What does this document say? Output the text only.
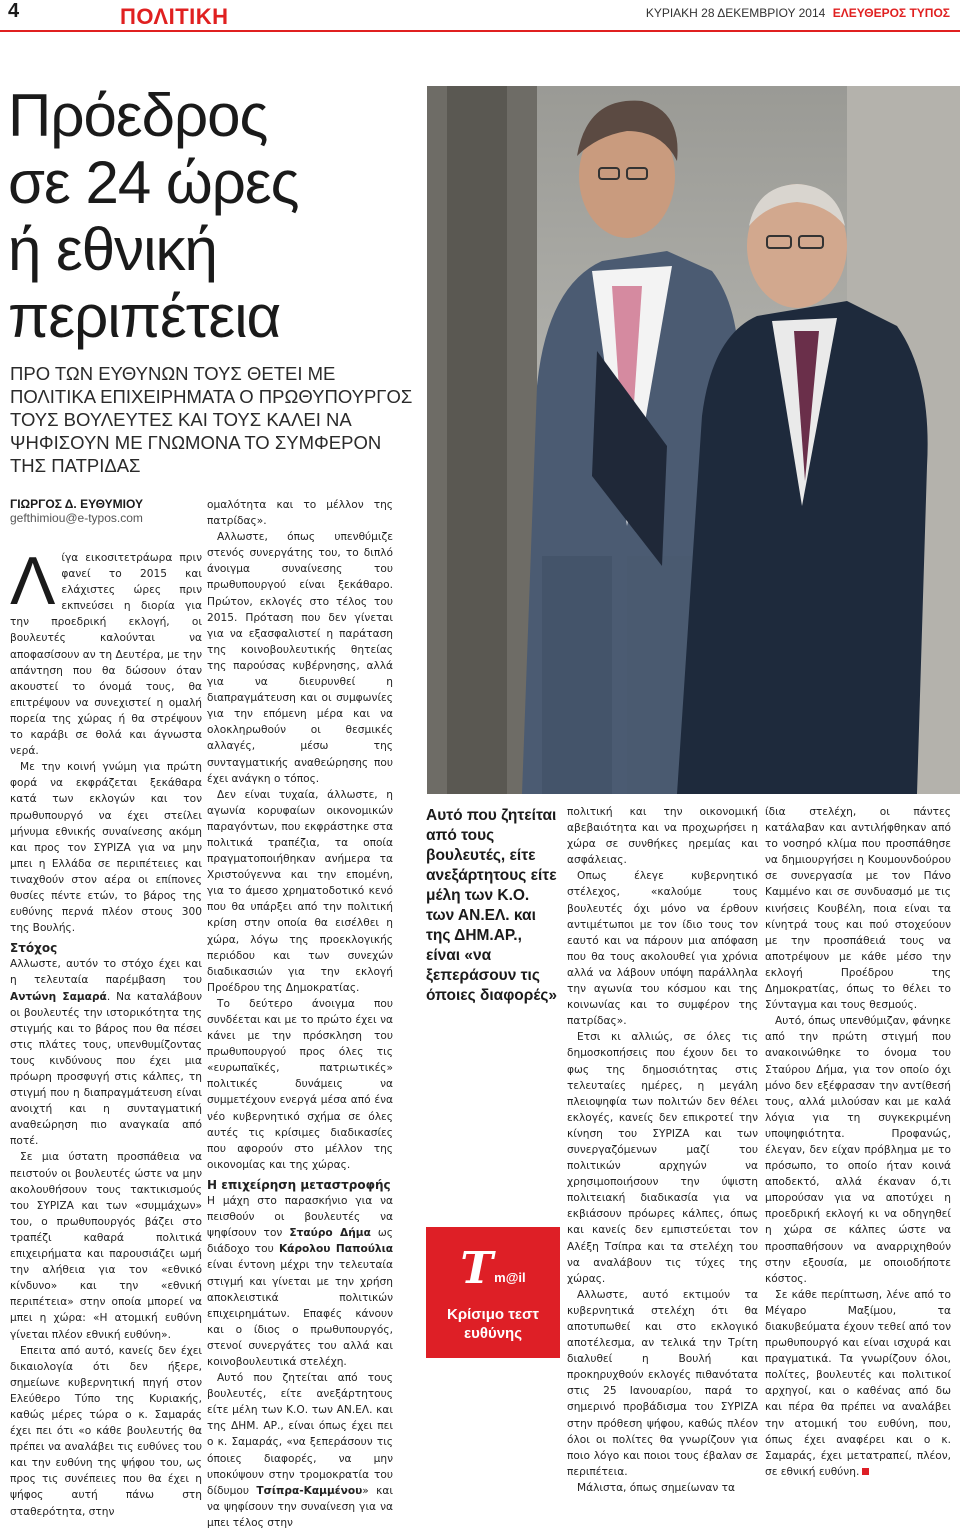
4	ΠΟΛΙΤΙΚΗ	ΚΥΡΙΑΚΗ 28 ΔΕΚΕΜΒΡΙΟΥ 2014 ΕΛΕΥΘΕΡΟΣ ΤΥΠΟΣ
Πρόεδρος
σε 24 ώρες
ή εθνική
περιπέτεια
ΠΡΟ ΤΩΝ ΕΥΘΥΝΩΝ ΤΟΥΣ ΘΕΤΕΙ ΜΕ ΠΟΛΙΤΙΚΑ ΕΠΙΧΕΙΡΗΜΑΤΑ Ο ΠΡΩΘΥΠΟΥΡΓΟΣ ΤΟΥΣ ΒΟΥΛΕΥΤΕΣ ΚΑΙ ΤΟΥΣ ΚΑΛΕΙ ΝΑ ΨΗΦΙΣΟΥΝ ΜΕ ΓΝΩΜΟΝΑ ΤΟ ΣΥΜΦΕΡΟΝ ΤΗΣ ΠΑΤΡΙΔΑΣ
ΓΙΩΡΓΟΣ Δ. ΕΥΘΥΜΙΟΥ
gefthimiou@e-typos.com

Λίγα εικοσιτετράωρα πριν φανεί το 2015 και ελάχιστες ώρες πριν εκπνεύσει η διορία για την προεδρική εκλογή, οι βουλευτές καλούνται να αποφασίσουν αν τη Δευτέρα, με την απάντηση που θα δώσουν όταν ακουστεί το όνομά τους, θα επιτρέψουν να συνεχιστεί η ομαλή πορεία της χώρας ή θα στρέψουν το καράβι σε θολά και άγνωστα νερά.

Με την κοινή γνώμη για πρώτη φορά να εκφράζεται ξεκάθαρα κατά των εκλογών και τον πρωθυπουργό να έχει στείλει μήνυμα εθνικής συναίνεσης ακόμη και προς τον ΣΥΡΙΖΑ για να μην μπει η Ελλάδα σε περιπέτειες και τιναχθούν στον αέρα οι επίπονες θυσίες πέντε ετών, το βάρος της ευθύνης περνά πλέον στους 300 της Βουλής.

Στόχος

Αλλωστε, αυτόν το στόχο έχει και η τελευταία παρέμβαση του Αντώνη Σαμαρά. Να καταλάβουν οι βουλευτές την ιστορικότητα της στιγμής και το βάρος που θα πέσει στις πλάτες τους, υπενθυμίζοντας τους κινδύνους που έχει μια πρόωρη προσφυγή στις κάλπες, τη στιγμή που η διαπραγμάτευση είναι ανοιχτή και η συνταγματική αναθεώρηση πιο αναγκαία από ποτέ.

Σε μια ύστατη προσπάθεια να πειστούν οι βουλευτές ώστε να μην ακολουθήσουν τους τακτικισμούς του ΣΥΡΙΖΑ και των «συμμάχων» του, ο πρωθυπουργός βάζει στο τραπέζι καθαρά πολιτικά επιχειρήματα και παρουσιάζει ωμή την αλήθεια για τον «εθνικό κίνδυνο» και την «εθνική περιπέτεια» στην οποία μπορεί να μπει η χώρα: «Η ατομική ευθύνη γίνεται πλέον εθνική ευθύνη».

Επειτα από αυτό, κανείς δεν έχει δικαιολογία ότι δεν ήξερε, σημείωνε κυβερνητική πηγή στον Ελεύθερο Τύπο της Κυριακής, καθώς μέρες τώρα ο κ. Σαμαράς έχει πει ότι «ο κάθε βουλευτής θα πρέπει να αναλάβει τις ευθύνες του και την ευθύνη της ψήφου του, ως προς τις συνέπειες που θα έχει η ψήφος αυτή πάνω στη σταθερότητα, στην

ομαλότητα και το μέλλον της πατρίδας».

Αλλωστε, όπως υπενθύμιζε στενός συνεργάτης του, το διπλό άνοιγμα συναίνεσης του πρωθυπουργού είναι ξεκάθαρο. Πρώτον, εκλογές στο τέλος του 2015. Πρόταση που δεν γίνεται για να εξασφαλιστεί η παράταση της κοινοβουλευτικής θητείας της παρούσας κυβέρνησης, αλλά για να διευρυνθεί η διαπραγμάτευση και οι συμφωνίες για την επόμενη μέρα και να ολοκληρωθούν οι θεσμικές αλλαγές, μέσω της συνταγματικής αναθεώρησης που έχει ανάγκη ο τόπος.

Δεν είναι τυχαία, άλλωστε, η αγωνία κορυφαίων οικονομικών παραγόντων, που εκφράστηκε στα πολιτικά τραπέζια, τα οποία πραγματοποιήθηκαν ανήμερα τα Χριστούγεννα και την επομένη, για το άμεσο χρηματοδοτικό κενό που θα υπάρξει από την πολιτική κρίση στην οποία θα εισέλθει η χώρα, λόγω της προεκλογικής περιόδου και των συνεχών διαδικασιών για την εκλογή Προέδρου της Δημοκρατίας.

Το δεύτερο άνοιγμα που συνδέεται και με το πρώτο έχει να κάνει με την πρόσκληση του πρωθυπουργού προς όλες τις «ευρωπαϊκές, πατριωτικές» πολιτικές δυνάμεις να συμμετέχουν ενεργά μέσα από ένα νέο κυβερνητικό σχήμα σε όλες αυτές τις κρίσιμες διαδικασίες που αφορούν στο μέλλον της οικονομίας και της χώρας.

Η επιχείρηση μεταστροφής

Η μάχη στο παρασκήνιο για να πεισθούν οι βουλευτές να ψηφίσουν τον Σταύρο Δήμα ως διάδοχο του Κάρολου Παπούλια είναι έντονη μέχρι την τελευταία στιγμή και γίνεται με την χρήση αποκλειστικά πολιτικών επιχειρημάτων. Επαφές κάνουν και ο ίδιος ο πρωθυπουργός, στενοί συνεργάτες του αλλά και κοινοβουλευτικά στελέχη.

Αυτό που ζητείται από τους βουλευτές, είτε ανεξάρτητους είτε μέλη των Κ.Ο. των ΑΝ.ΕΛ. και της ΔΗΜ. ΑΡ., είναι όπως έχει πει ο κ. Σαμαράς, «να ξεπεράσουν τις όποιες διαφορές, να μην υποκύψουν στην τρομοκρατία του δίδυμου Τσίπρα-Καμμένου» και να ψηφίσουν την συναίνεση για να μπει τέλος στην

Αυτό που ζητείται από τους βουλευτές, είτε ανεξάρτητους είτε μέλη των Κ.Ο. των ΑΝ.ΕΛ. και της ΔΗΜ.ΑΡ., είναι «να ξεπεράσουν τις όποιες διαφορές»
T m@il
Κρίσιμο τεστ ευθύνης

πολιτική και την οικονομική αβεβαιότητα και να προχωρήσει η χώρα σε συνθήκες ηρεμίας και ασφάλειας.

Οπως έλεγε κυβερνητικό στέλεχος, «καλούμε τους βουλευτές όχι μόνο να έρθουν αντιμέτωποι με τον ίδιο τους τον εαυτό και να πάρουν μια απόφαση που θα τους ακολουθεί για χρόνια αλλά να λάβουν υπόψη παράλληλα την αγωνία του κόσμου και της κοινωνίας και το συμφέρον της πατρίδας».

Ετσι κι αλλιώς, σε όλες τις δημοσκοπήσεις που έχουν δει το φως της δημοσιότητας στις τελευταίες ημέρες, η μεγάλη πλειοψηφία των πολιτών δεν θέλει εκλογές, κανείς δεν επικροτεί την κίνηση του ΣΥΡΙΖΑ και των συνεργαζόμενων μαζί του πολιτικών αρχηγών να χρησιμοποιήσουν την ύψιστη πολιτειακή διαδικασία για να εκβιάσουν πρόωρες κάλπες, όπως και κανείς δεν εμπιστεύεται τον Αλέξη Τσίπρα και τα στελέχη του να αναλάβουν τις τύχες της χώρας.

Αλλωστε, αυτό εκτιμούν τα κυβερνητικά στελέχη ότι θα αποτυπωθεί και στο εκλογικό αποτέλεσμα, αν τελικά την Τρίτη διαλυθεί η Βουλή και προκηρυχθούν εκλογές πιθανότατα στις 25 Ιανουαρίου, παρά το σημερινό προβάδισμα του ΣΥΡΙΖΑ στην πρόθεση ψήφου, καθώς πλέον όλοι οι πολίτες θα γνωρίζουν για ποιο λόγο και ποιοι τους έβαλαν σε περιπέτεια.

Μάλιστα, όπως σημείωναν τα

ίδια στελέχη, οι πάντες κατάλαβαν και αντιλήφθηκαν από το νοσηρό κλίμα που προσπάθησε να δημιουργήσει η Κουμουνδούρου σε συνεργασία με τον Πάνο Καμμένο και σε συνδυασμό με τις κινήσεις Κουβέλη, ποια είναι τα κίνητρά τους και πού στοχεύουν με την προσπάθειά τους να αποτρέψουν με κάθε μέσο την εκλογή Προέδρου της Δημοκρατίας, όπως το θέλει το Σύνταγμα και τους θεσμούς.

Αυτό, όπως υπενθύμιζαν, φάνηκε από την πρώτη στιγμή που ανακοινώθηκε το όνομα του Σταύρου Δήμα, για τον οποίο όχι μόνο δεν εξέφρασαν την αντίθεσή τους, αλλά μιλούσαν και με καλά λόγια για τη συγκεκριμένη υποψηφιότητα. Προφανώς, έλεγαν, δεν είχαν πρόβλημα με το πρόσωπο, το οποίο ήταν κοινά αποδεκτό, αλλά έκαναν ό,τι μπορούσαν για να αποτύχει η προεδρική εκλογή κι να οδηγηθεί η χώρα σε κάλπες ώστε να προσπαθήσουν να αναρριχηθούν στην εξουσία, με οποιοδήποτε κόστος.

Σε κάθε περίπτωση, λένε από το Μέγαρο Μαξίμου, τα διακυβεύματα έχουν τεθεί από τον πρωθυπουργό και είναι ισχυρά και πραγματικά. Τα γνωρίζουν όλοι, πολίτες, βουλευτές και πολιτικοί αρχηγοί, και ο καθένας από δω και πέρα θα πρέπει να αναλάβει την ατομική του ευθύνη, που, όπως έχει αναφέρει και ο κ. Σαμαράς, έχει μετατραπεί, πλέον, σε εθνική ευθύνη.
